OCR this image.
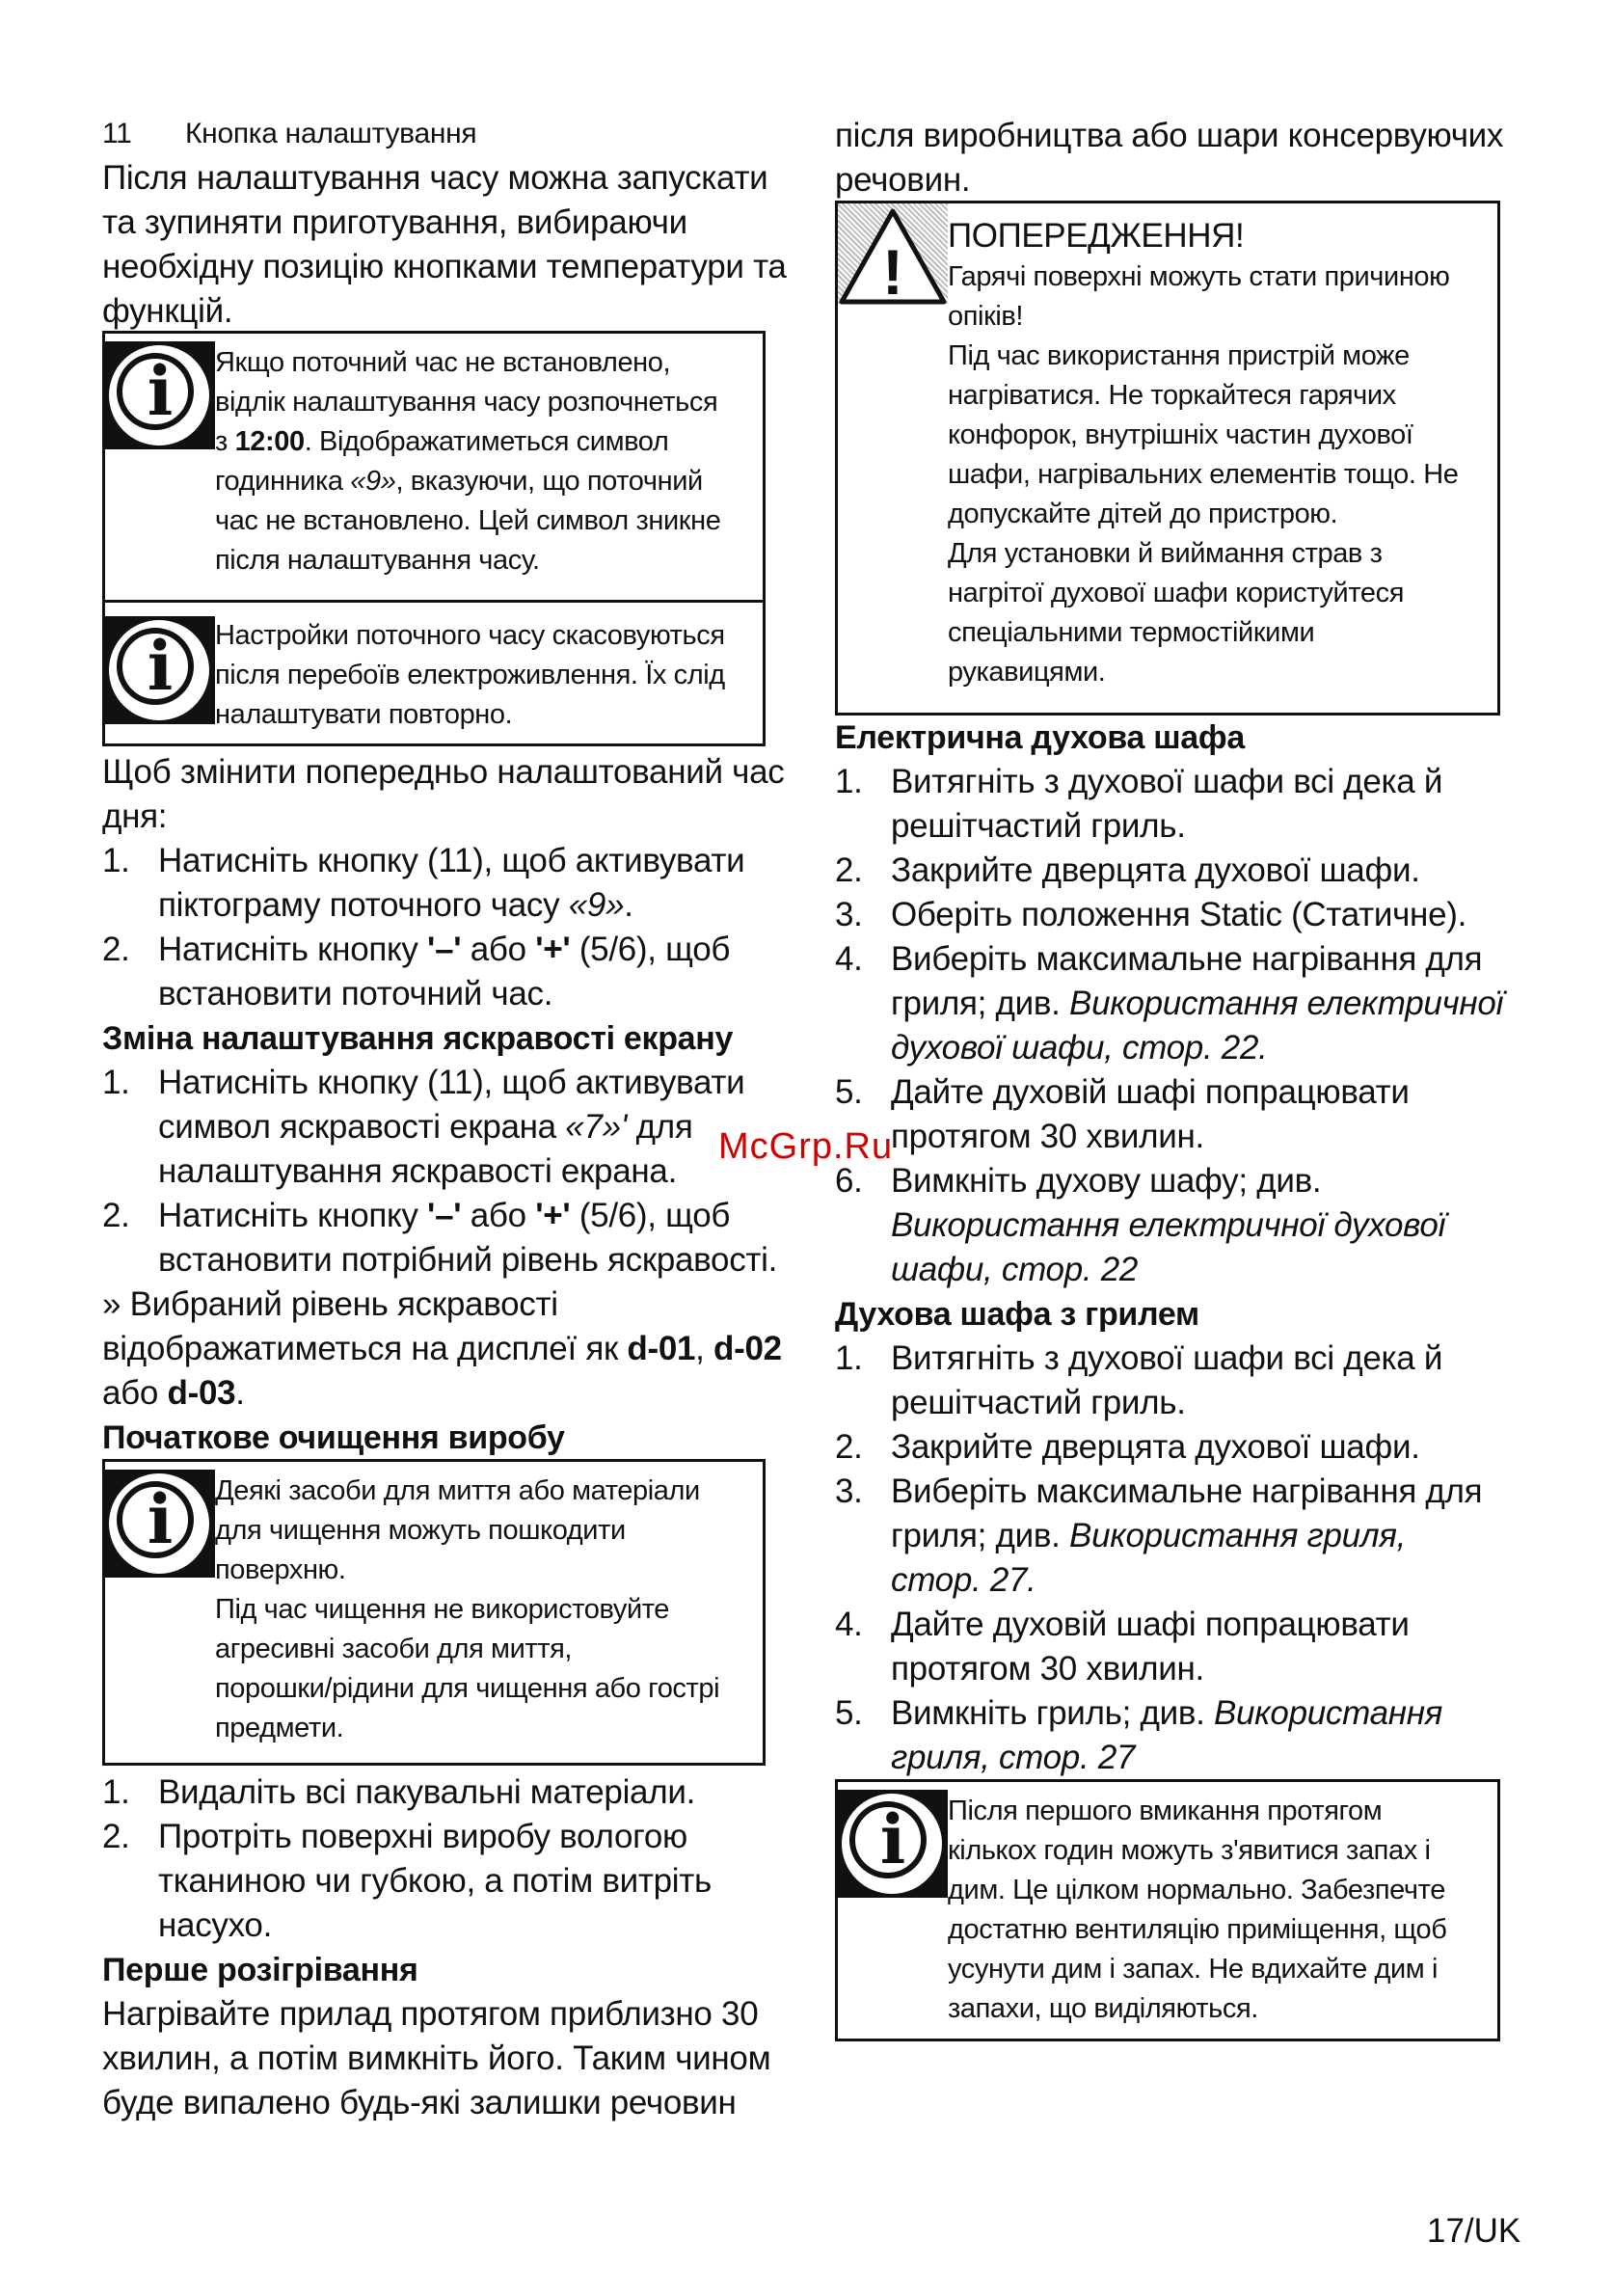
11 Кнопка налаштування
Після налаштування часу можна запускати
та зупиняти приготування, вибираючи
необхідну позицію кнопками температури та
функцій.
i	Якщо поточний час не встановлено,
відлік налаштування часу розпочнеться
з 12:00. Відображатиметься символ
годинника «9», вказуючи, що поточний
час не встановлено. Цей символ зникне
після налаштування часу.
i	Настройки поточного часу скасовуються
після перебоїв електроживлення. Їх слід
налаштувати повторно.
Щоб змінити попередньо налаштований час
дня:
1. Натисніть кнопку (11), щоб активувати
піктограму поточного часу «9».
2. Натисніть кнопку '–' або '+' (5/6), щоб
встановити поточний час.
Зміна налаштування яскравості екрану
1. Натисніть кнопку (11), щоб активувати
символ яскравості екрана «7»' для
налаштування яскравості екрана.
2. Натисніть кнопку '–' або '+' (5/6), щоб
встановити потрібний рівень яскравості.
» Вибраний рівень яскравості
відображатиметься на дисплеї як d-01, d-02
або d-03.
Початкове очищення виробу
i	Деякі засоби для миття або матеріали
для чищення можуть пошкодити
поверхню.
Під час чищення не використовуйте
агресивні засоби для миття,
порошки/рідини для чищення або гострі
предмети.
1. Видаліть всі пакувальні матеріали.
2. Протріть поверхні виробу вологою
тканиною чи губкою, а потім витріть
насухо.
Перше розігрівання
Нагрівайте прилад протягом приблизно 30
хвилин, а потім вимкніть його. Таким чином
буде випалено будь-які залишки речовин
після виробництва або шари консервуючих
речовин.
!
ПОПЕРЕДЖЕННЯ!
Гарячі поверхні можуть стати причиною
опіків!
Під час використання пристрій може
нагріватися. Не торкайтеся гарячих
конфорок, внутрішніх частин духової
шафи, нагрівальних елементів тощо. Не
допускайте дітей до пристрою.
Для установки й виймання страв з
нагрітої духової шафи користуйтеся
спеціальними термостійкими
рукавицями.
Електрична духова шафа
1. Витягніть з духової шафи всі дека й
решітчастий гриль.
2. Закрийте дверцята духової шафи.
3. Оберіть положення Static (Статичне).
4. Виберіть максимальне нагрівання для
гриля; див. Використання електричної
духової шафи, стор. 22.
5. Дайте духовій шафі попрацювати
протягом 30 хвилин.
6. Вимкніть духову шафу; див.
Використання електричної духової
шафи, стор. 22
Духова шафа з грилем
1. Витягніть з духової шафи всі дека й
решітчастий гриль.
2. Закрийте дверцята духової шафи.
3. Виберіть максимальне нагрівання для
гриля; див. Використання гриля,
стор. 27.
4. Дайте духовій шафі попрацювати
протягом 30 хвилин.
5. Вимкніть гриль; див. Використання
гриля, стор. 27
i	Після першого вмикання протягом
кількох годин можуть з'явитися запах і
дим. Це цілком нормально. Забезпечте
достатню вентиляцію приміщення, щоб
усунути дим і запах. Не вдихайте дим і
запахи, що виділяються.
McGrp.Ru
17/UK
